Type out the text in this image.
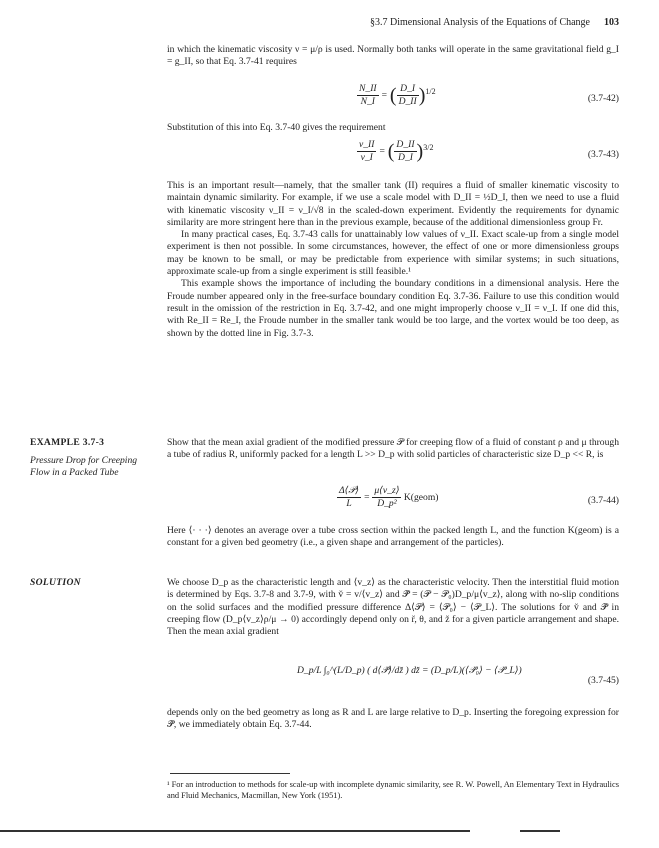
§3.7 Dimensional Analysis of the Equations of Change 103

in which the kinematic viscosity ν = μ/ρ is used. Normally both tanks will operate in the same gravitational field g_I = g_II, so that Eq. 3.7-41 requires

$\frac{N\_II}{N\_I}$ = ( $\frac{D\_I}{D\_II} )^{1/2}$
(3.7-42)

Substitution of this into Eq. 3.7-40 gives the requirement

$\frac{\nu\_II}{\nu\_I}$ = ( $\frac{D\_II}{D\_I} )^{3/2}$
(3.7-43)

This is an important result—namely, that the smaller tank (II) requires a fluid of smaller kinematic viscosity to maintain dynamic similarity. For example, if we use a scale model with D_II = ½D_I, then we need to use a fluid with kinematic viscosity ν_II = ν_I/√8 in the scaled-down experiment. Evidently the requirements for dynamic similarity are more stringent here than in the previous example, because of the additional dimensionless group Fr.

In many practical cases, Eq. 3.7-43 calls for unattainably low values of ν_II. Exact scale-up from a single model experiment is then not possible. In some circumstances, however, the effect of one or more dimensionless groups may be known to be small, or may be predictable from experience with similar systems; in such situations, approximate scale-up from a single experiment is still feasible.¹

This example shows the importance of including the boundary conditions in a dimensional analysis. Here the Froude number appeared only in the free-surface boundary condition Eq. 3.7-36. Failure to use this condition would result in the omission of the restriction in Eq. 3.7-42, and one might improperly choose ν_II = ν_I. If one did this, with Re_II = Re_I, the Froude number in the smaller tank would be too large, and the vortex would be too deep, as shown by the dotted line in Fig. 3.7-3.

EXAMPLE 3.7-3
Pressure Drop for Creeping Flow in a Packed Tube

Show that the mean axial gradient of the modified pressure 𝒫 for creeping flow of a fluid of constant ρ and μ through a tube of radius R, uniformly packed for a length L >> D_p with solid particles of characteristic size D_p << R, is

$\frac{\text{Δ⟨𝒫⟩}}{L} = \frac{\mu⟨v\_z⟩}{\text{D\_p²}}$ K(geom)	(3.7-44)

Here ⟨· · ·⟩ denotes an average over a tube cross section within the packed length L, and the function K(geom) is a constant for a given bed geometry (i.e., a given shape and arrangement of the particles).

SOLUTION	We choose D_p as the characteristic length and ⟨v_z⟩ as the characteristic velocity. Then the interstitial fluid motion is determined by Eqs. 3.7-8 and 3.7-9, with v̆ = v/⟨v_z⟩ and 𝒫̆ = (𝒫 − 𝒫₀)D_p/μ⟨v_z⟩, along with no-slip conditions on the solid surfaces and the modified pressure difference Δ⟨𝒫⟩ = ⟨𝒫₀⟩ − ⟨𝒫_L⟩. The solutions for v̆ and 𝒫̆ in creeping flow (D_p⟨v_z⟩ρ/μ → 0) accordingly depend only on r̆, θ, and z̆ for a given particle arrangement and shape. Then the mean axial gradient

D_p/L ∫₀^(L/D_p) ( d⟨𝒫̆⟩/dz̆ ) dz̆ = (D_p/L)(⟨𝒫̆₀⟩ − ⟨𝒫̆_L⟩)
(3.7-45)

depends only on the bed geometry as long as R and L are large relative to D_p. Inserting the foregoing expression for 𝒫̆, we immediately obtain Eq. 3.7-44.

¹ For an introduction to methods for scale-up with incomplete dynamic similarity, see R. W. Powell, An Elementary Text in Hydraulics and Fluid Mechanics, Macmillan, New York (1951).
